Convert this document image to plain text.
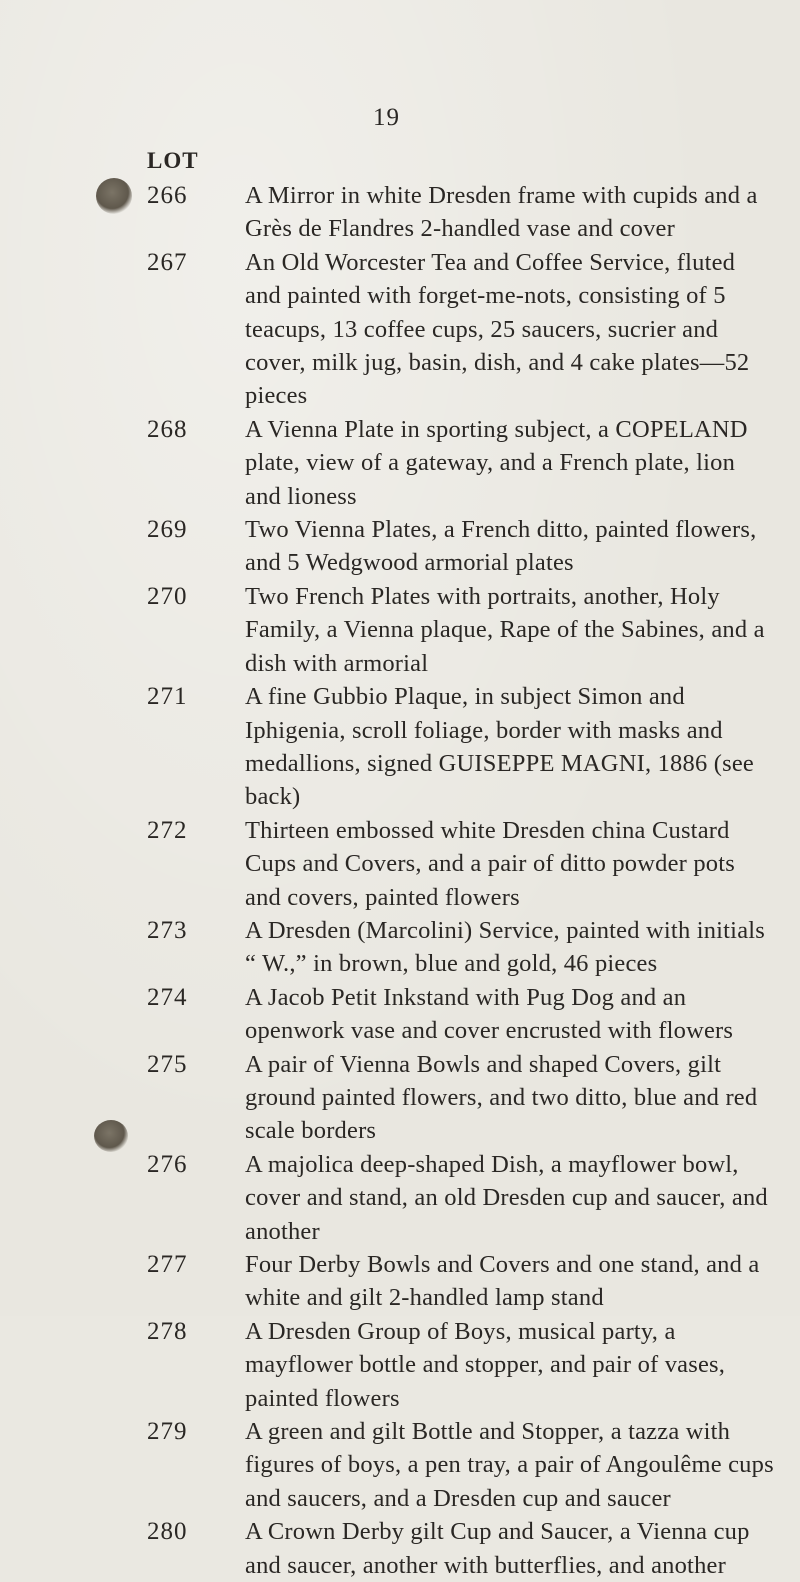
19
LOT
266 A Mirror in white Dresden frame with cupids and a Grès de Flandres 2-handled vase and cover
267 An Old Worcester Tea and Coffee Service, fluted and painted with forget-me-nots, consisting of 5 teacups, 13 coffee cups, 25 saucers, sucrier and cover, milk jug, basin, dish, and 4 cake plates—52 pieces
268 A Vienna Plate in sporting subject, a COPELAND plate, view of a gateway, and a French plate, lion and lioness
269 Two Vienna Plates, a French ditto, painted flowers, and 5 Wedgwood armorial plates
270 Two French Plates with portraits, another, Holy Family, a Vienna plaque, Rape of the Sabines, and a dish with armorial
271 A fine Gubbio Plaque, in subject Simon and Iphigenia, scroll foliage, border with masks and medallions, signed GUISEPPE MAGNI, 1886 (see back)
272 Thirteen embossed white Dresden china Custard Cups and Covers, and a pair of ditto powder pots and covers, painted flowers
273 A Dresden (Marcolini) Service, painted with initials “ W.,” in brown, blue and gold, 46 pieces
274 A Jacob Petit Inkstand with Pug Dog and an openwork vase and cover encrusted with flowers
275 A pair of Vienna Bowls and shaped Covers, gilt ground painted flowers, and two ditto, blue and red scale borders
276 A majolica deep-shaped Dish, a mayflower bowl, cover and stand, an old Dresden cup and saucer, and another
277 Four Derby Bowls and Covers and one stand, and a white and gilt 2-handled lamp stand
278 A Dresden Group of Boys, musical party, a mayflower bottle and stopper, and pair of vases, painted flowers
279 A green and gilt Bottle and Stopper, a tazza with figures of boys, a pen tray, a pair of Angoulême cups and saucers, and a Dresden cup and saucer
280 A Crown Derby gilt Cup and Saucer, a Vienna cup and saucer, another with butterflies, and another
